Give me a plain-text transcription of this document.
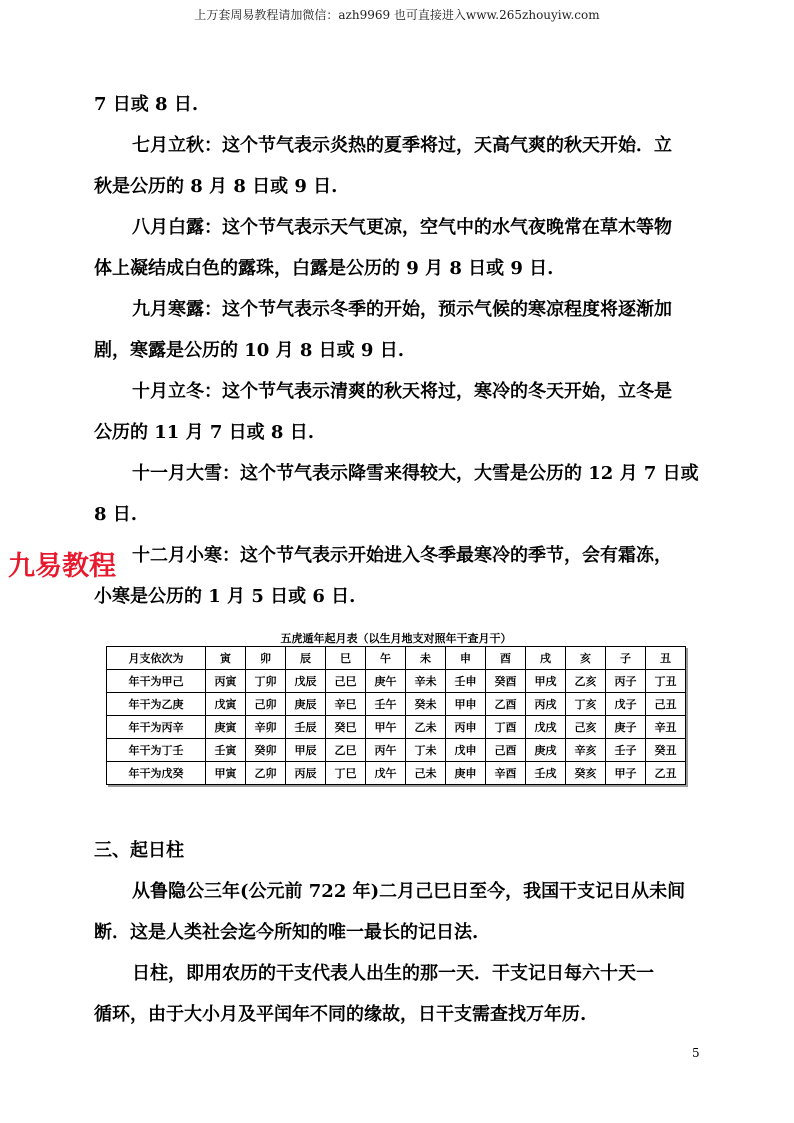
上万套周易教程请加微信：azh9969 也可直接进入www.265zhouyiw.com
7 日或 8 日.
七月立秋：这个节气表示炎热的夏季将过，天高气爽的秋天开始．立
秋是公历的 8 月 8 日或 9 日.
八月白露：这个节气表示天气更凉，空气中的水气夜晚常在草木等物
体上凝结成白色的露珠，白露是公历的 9 月 8 日或 9 日.
九月寒露：这个节气表示冬季的开始，预示气候的寒凉程度将逐渐加
剧，寒露是公历的 10 月 8 日或 9 日.
十月立冬：这个节气表示清爽的秋天将过，寒冷的冬天开始，立冬是
公历的 11 月 7 日或 8 日.
十一月大雪：这个节气表示降雪来得较大，大雪是公历的 12 月 7 日或
8 日.
十二月小寒：这个节气表示开始进入冬季最寒冷的季节，会有霜冻，
小寒是公历的 1 月 5 日或 6 日.
九易教程
五虎遁年起月表（以生月地支对照年干查月干）
月支依次为	寅	卯	辰	巳	午	未	申	酉	戌	亥	子	丑
年干为甲己	丙寅	丁卯	戊辰	己巳	庚午	辛未	壬申	癸酉	甲戌	乙亥	丙子	丁丑
年干为乙庚	戊寅	己卯	庚辰	辛巳	壬午	癸未	甲申	乙酉	丙戌	丁亥	戊子	己丑
年干为丙辛	庚寅	辛卯	壬辰	癸巳	甲午	乙未	丙申	丁酉	戊戌	己亥	庚子	辛丑
年干为丁壬	壬寅	癸卯	甲辰	乙巳	丙午	丁未	戊申	己酉	庚戌	辛亥	壬子	癸丑
年干为戊癸	甲寅	乙卯	丙辰	丁巳	戊午	己未	庚申	辛酉	壬戌	癸亥	甲子	乙丑
三、起日柱
从鲁隐公三年(公元前 722 年)二月己巳日至今，我国干支记日从未间
断．这是人类社会迄今所知的唯一最长的记日法.
日柱，即用农历的干支代表人出生的那一天．干支记日每六十天一
循环，由于大小月及平闰年不同的缘故，日干支需查找万年历.
5
